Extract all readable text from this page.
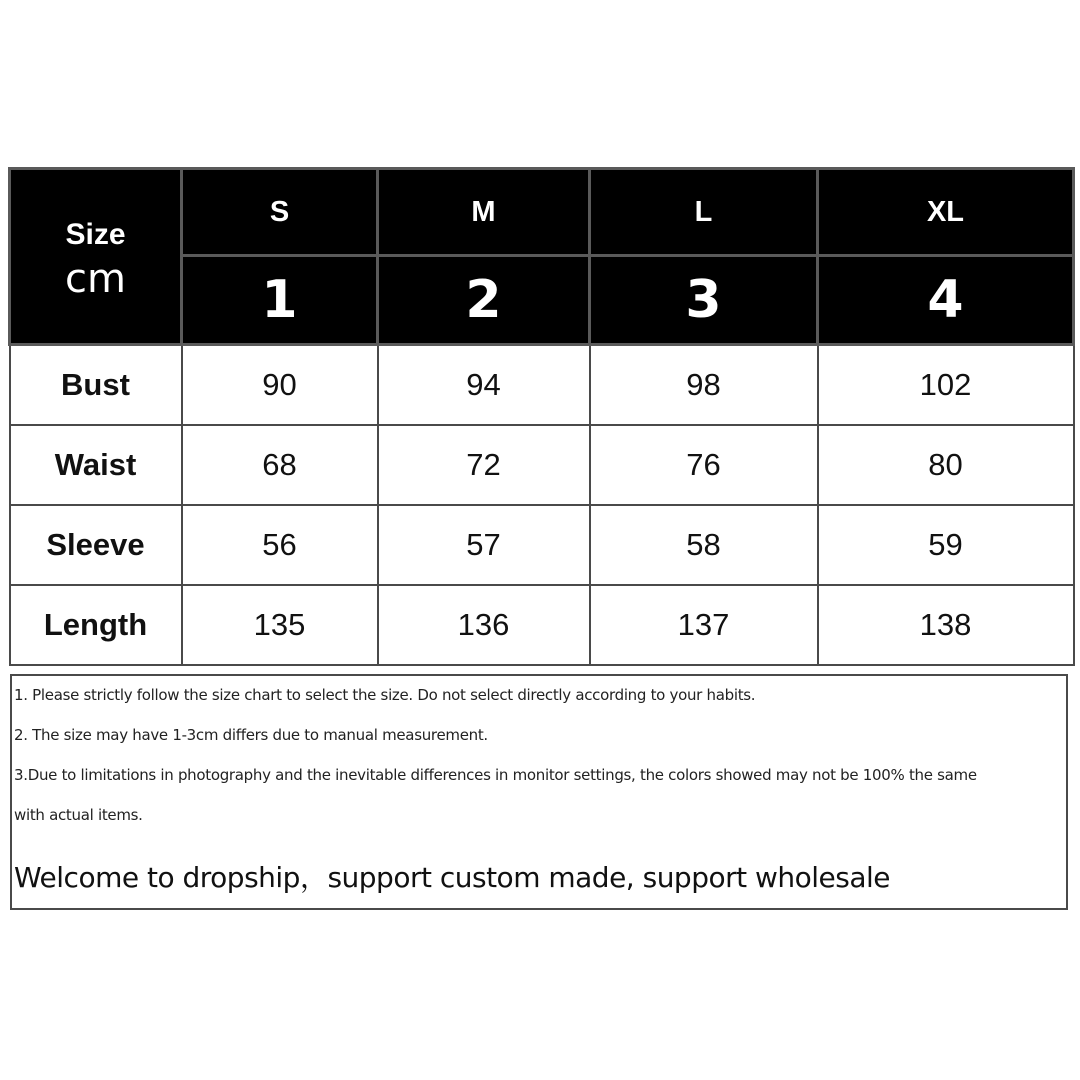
Size
cm	S	M	L	XL
	1	2	3	4
Bust	90	94	98	102
Waist	68	72	76	80
Sleeve	56	57	58	59
Length	135	136	137	138
1. Please strictly follow the size chart to select the size. Do not select directly according to your habits.
2. The size may have 1-3cm differs due to manual measurement.
3.Due to limitations in photography and the inevitable differences in monitor settings, the colors showed may not be 100% the same
with actual items.
Welcome to dropship，support custom made, support wholesale
